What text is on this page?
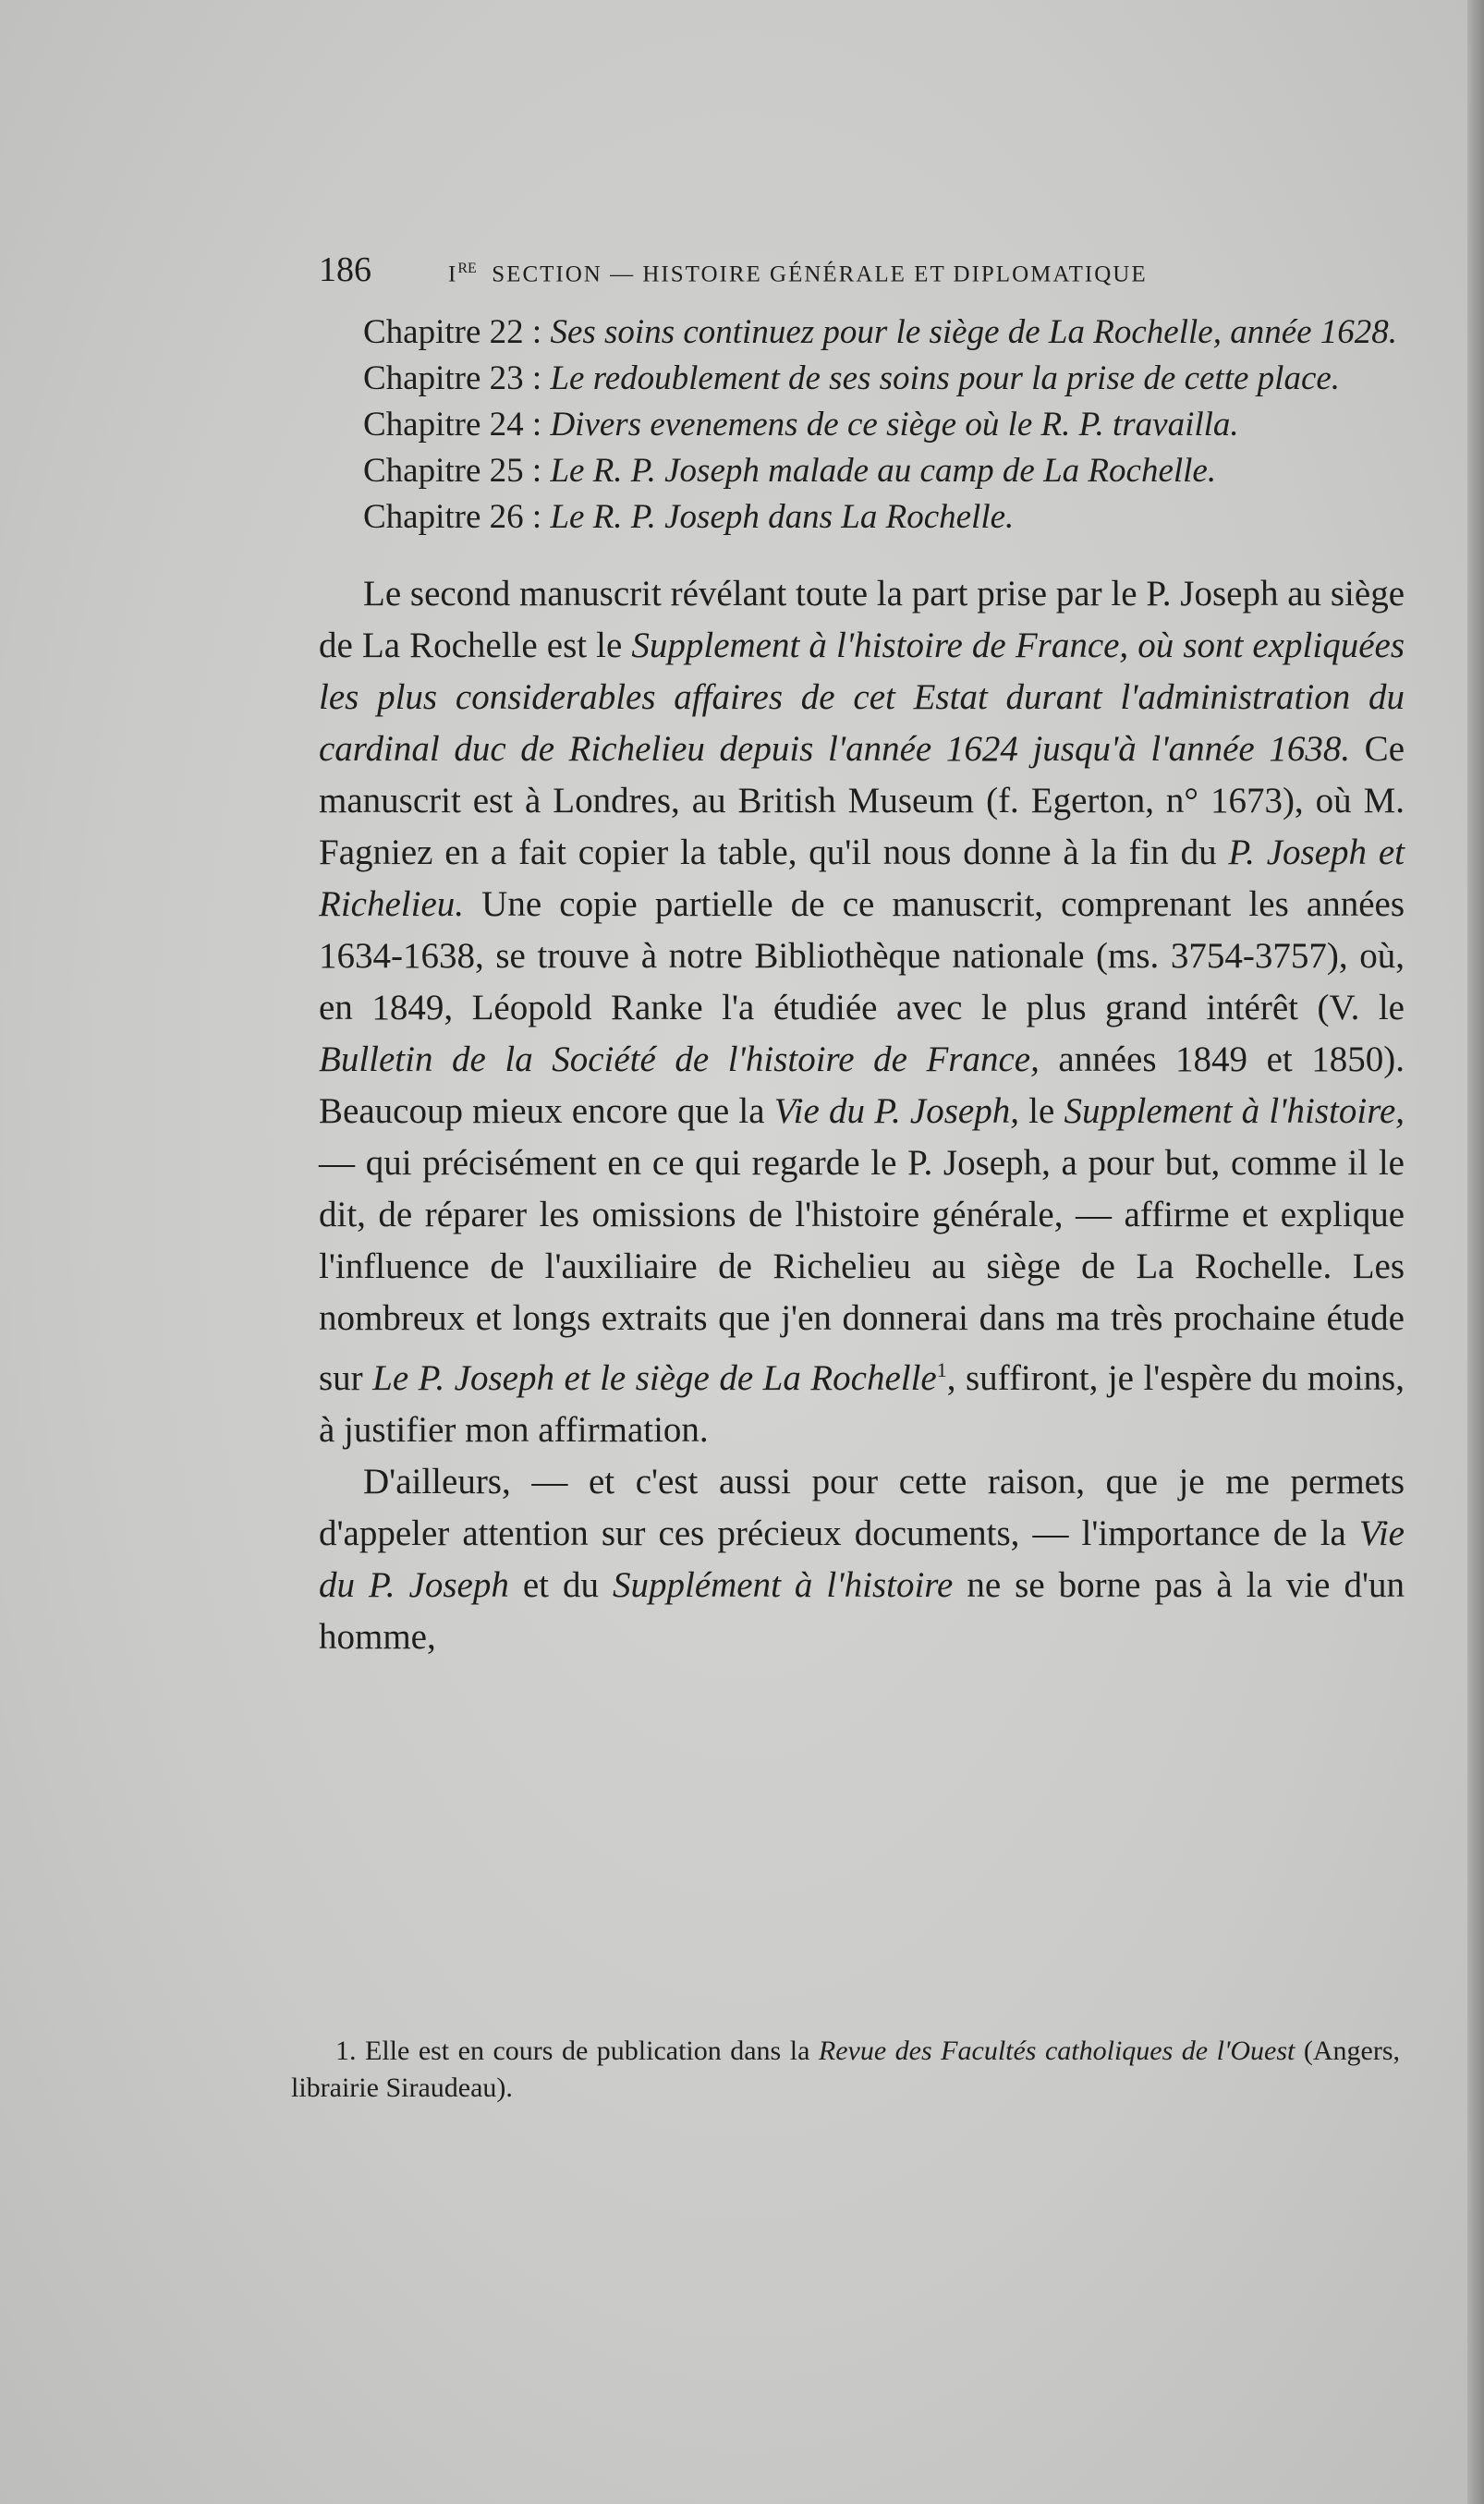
186	IRE SECTION — HISTOIRE GÉNÉRALE ET DIPLOMATIQUE

Chapitre 22 : Ses soins continuez pour le siège de La Rochelle, année 1628.

Chapitre 23 : Le redoublement de ses soins pour la prise de cette place.

Chapitre 24 : Divers evenemens de ce siège où le R. P. travailla.

Chapitre 25 : Le R. P. Joseph malade au camp de La Rochelle.

Chapitre 26 : Le R. P. Joseph dans La Rochelle.

Le second manuscrit révélant toute la part prise par le P. Joseph au siège de La Rochelle est le Supplement à l'histoire de France, où sont expliquées les plus considerables affaires de cet Estat durant l'administration du cardinal duc de Richelieu depuis l'année 1624 jusqu'à l'année 1638. Ce manuscrit est à Londres, au British Museum (f. Egerton, n° 1673), où M. Fagniez en a fait copier la table, qu'il nous donne à la fin du P. Joseph et Richelieu. Une copie partielle de ce manuscrit, comprenant les années 1634-1638, se trouve à notre Bibliothèque nationale (ms. 3754-3757), où, en 1849, Léopold Ranke l'a étudiée avec le plus grand intérêt (V. le Bulletin de la Société de l'histoire de France, années 1849 et 1850). Beaucoup mieux encore que la Vie du P. Joseph, le Supplement à l'histoire, — qui précisément en ce qui regarde le P. Joseph, a pour but, comme il le dit, de réparer les omissions de l'histoire générale, — affirme et explique l'influence de l'auxiliaire de Richelieu au siège de La Rochelle. Les nombreux et longs extraits que j'en donnerai dans ma très prochaine étude sur Le P. Joseph et le siège de La Rochelle$^1$, suffiront, je l'espère du moins, à justifier mon affirmation.

D'ailleurs, — et c'est aussi pour cette raison, que je me permets d'appeler attention sur ces précieux documents, — l'importance de la Vie du P. Joseph et du Supplément à l'histoire ne se borne pas à la vie d'un homme,

1. Elle est en cours de publication dans la Revue des Facultés catholiques de l'Ouest (Angers, librairie Siraudeau).
